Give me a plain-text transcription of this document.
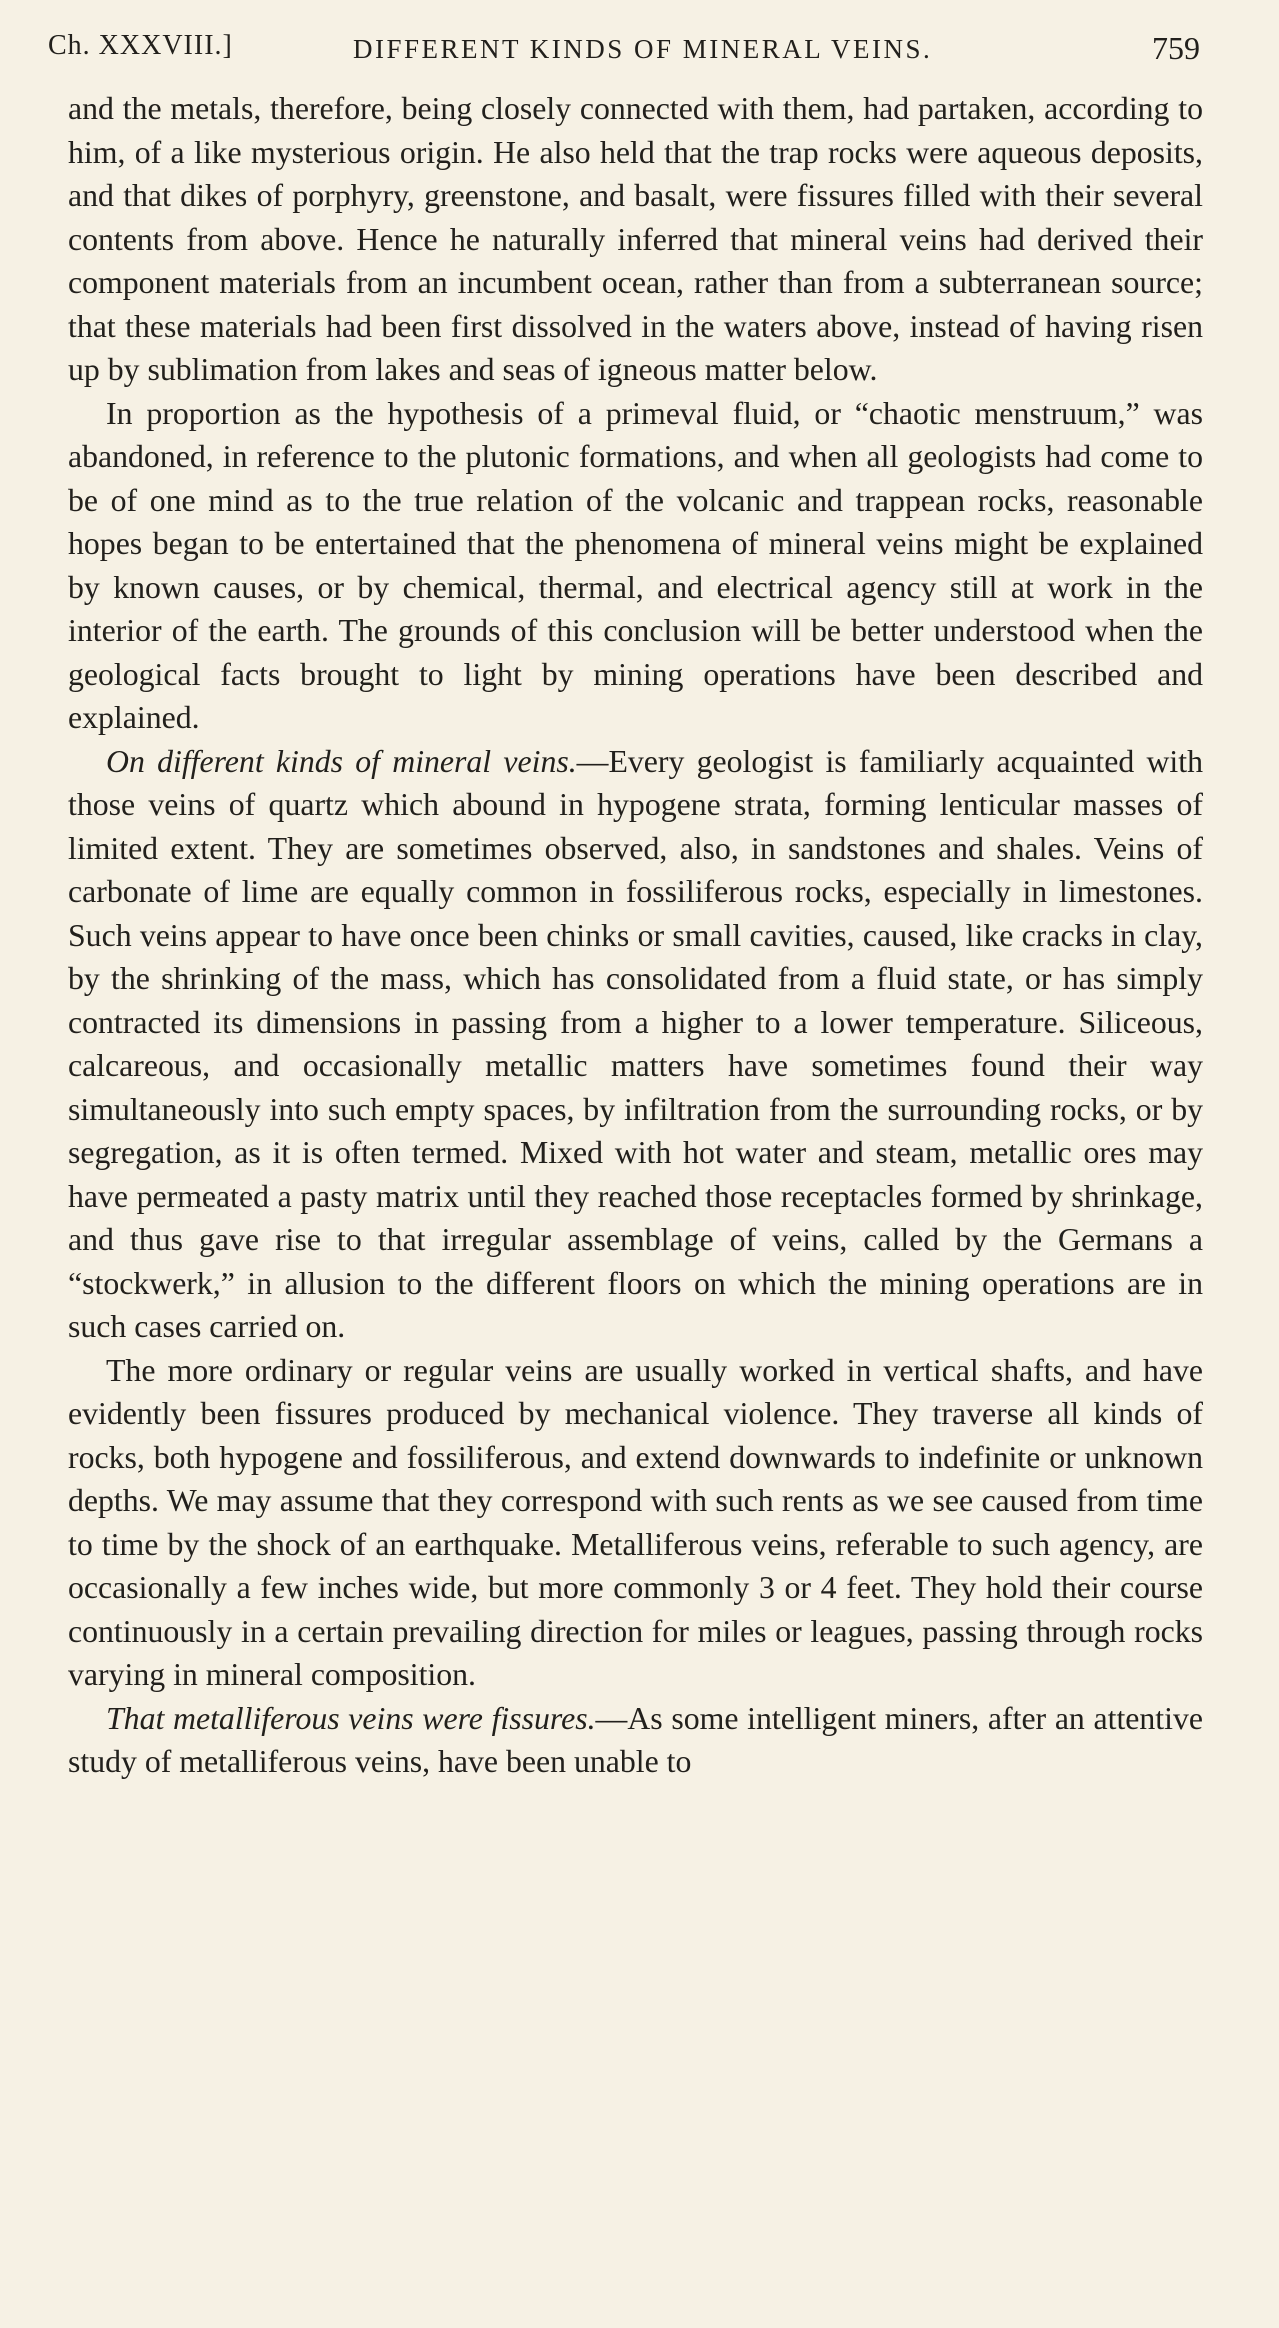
Ch. XXXVIII.]	DIFFERENT KINDS OF MINERAL VEINS.	759

and the metals, therefore, being closely connected with them, had partaken, according to him, of a like mysterious origin. He also held that the trap rocks were aqueous deposits, and that dikes of porphyry, greenstone, and basalt, were fissures filled with their several contents from above. Hence he naturally inferred that mineral veins had derived their component materials from an incumbent ocean, rather than from a subterranean source; that these materials had been first dissolved in the waters above, instead of having risen up by sublimation from lakes and seas of igneous matter below.

In proportion as the hypothesis of a primeval fluid, or “chaotic menstruum,” was abandoned, in reference to the plutonic formations, and when all geologists had come to be of one mind as to the true relation of the volcanic and trappean rocks, reasonable hopes began to be entertained that the phenomena of mineral veins might be explained by known causes, or by chemical, thermal, and electrical agency still at work in the interior of the earth. The grounds of this conclusion will be better understood when the geological facts brought to light by mining operations have been described and explained.

On different kinds of mineral veins.—Every geologist is familiarly acquainted with those veins of quartz which abound in hypogene strata, forming lenticular masses of limited extent. They are sometimes observed, also, in sandstones and shales. Veins of carbonate of lime are equally common in fossiliferous rocks, especially in limestones. Such veins appear to have once been chinks or small cavities, caused, like cracks in clay, by the shrinking of the mass, which has consolidated from a fluid state, or has simply contracted its dimensions in passing from a higher to a lower temperature. Siliceous, calcareous, and occasionally metallic matters have sometimes found their way simultaneously into such empty spaces, by infiltration from the surrounding rocks, or by segregation, as it is often termed. Mixed with hot water and steam, metallic ores may have permeated a pasty matrix until they reached those receptacles formed by shrinkage, and thus gave rise to that irregular assemblage of veins, called by the Germans a “stockwerk,” in allusion to the different floors on which the mining operations are in such cases carried on.

The more ordinary or regular veins are usually worked in vertical shafts, and have evidently been fissures produced by mechanical violence. They traverse all kinds of rocks, both hypogene and fossiliferous, and extend downwards to indefinite or unknown depths. We may assume that they correspond with such rents as we see caused from time to time by the shock of an earthquake. Metalliferous veins, referable to such agency, are occasionally a few inches wide, but more commonly 3 or 4 feet. They hold their course continuously in a certain prevailing direction for miles or leagues, passing through rocks varying in mineral composition.

That metalliferous veins were fissures.—As some intelligent miners, after an attentive study of metalliferous veins, have been unable to
